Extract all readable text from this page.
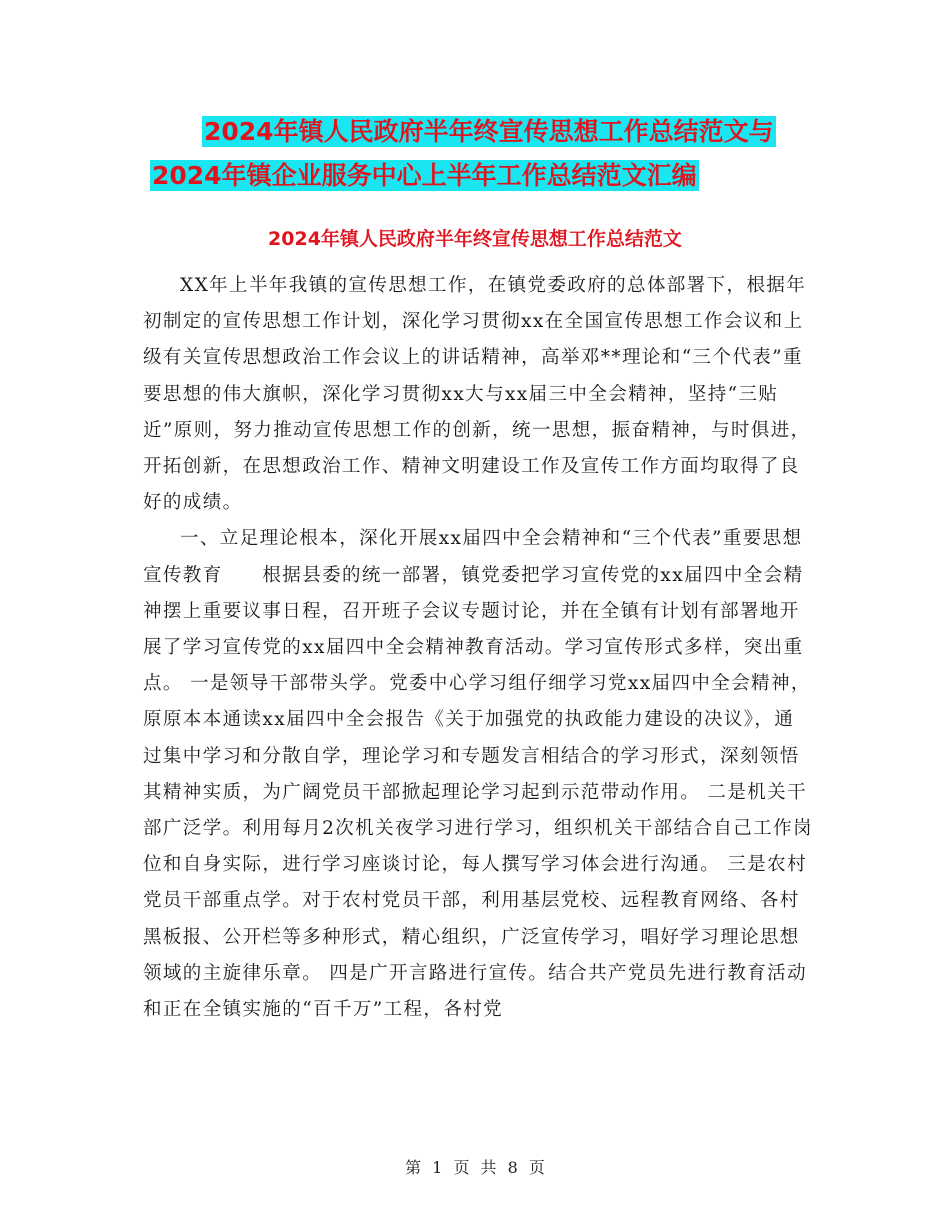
2024年镇人民政府半年终宣传思想工作总结范文与
2024年镇企业服务中心上半年工作总结范文汇编
2024年镇人民政府半年终宣传思想工作总结范文

XX年上半年我镇的宣传思想工作，在镇党委政府的总体部署下，根据年初制定的宣传思想工作计划，深化学习贯彻xx在全国宣传思想工作会议和上级有关宣传思想政治工作会议上的讲话精神，高举邓**理论和“三个代表”重要思想的伟大旗帜，深化学习贯彻xx大与xx届三中全会精神，坚持“三贴近”原则，努力推动宣传思想工作的创新，统一思想，振奋精神，与时俱进，开拓创新，在思想政治工作、精神文明建设工作及宣传工作方面均取得了良好的成绩。

一、立足理论根本，深化开展xx届四中全会精神和“三个代表”重要思想宣传教育　　根据县委的统一部署，镇党委把学习宣传党的xx届四中全会精神摆上重要议事日程，召开班子会议专题讨论，并在全镇有计划有部署地开展了学习宣传党的xx届四中全会精神教育活动。学习宣传形式多样，突出重点。 一是领导干部带头学。党委中心学习组仔细学习党xx届四中全会精神，原原本本通读xx届四中全会报告《关于加强党的执政能力建设的决议》，通过集中学习和分散自学，理论学习和专题发言相结合的学习形式，深刻领悟其精神实质，为广阔党员干部掀起理论学习起到示范带动作用。 二是机关干部广泛学。利用每月2次机关夜学习进行学习，组织机关干部结合自己工作岗位和自身实际，进行学习座谈讨论，每人撰写学习体会进行沟通。 三是农村党员干部重点学。对于农村党员干部，利用基层党校、远程教育网络、各村黑板报、公开栏等多种形式，精心组织，广泛宣传学习，唱好学习理论思想领域的主旋律乐章。 四是广开言路进行宣传。结合共产党员先进行教育活动和正在全镇实施的“百千万”工程，各村党

第 1 页 共 8 页
